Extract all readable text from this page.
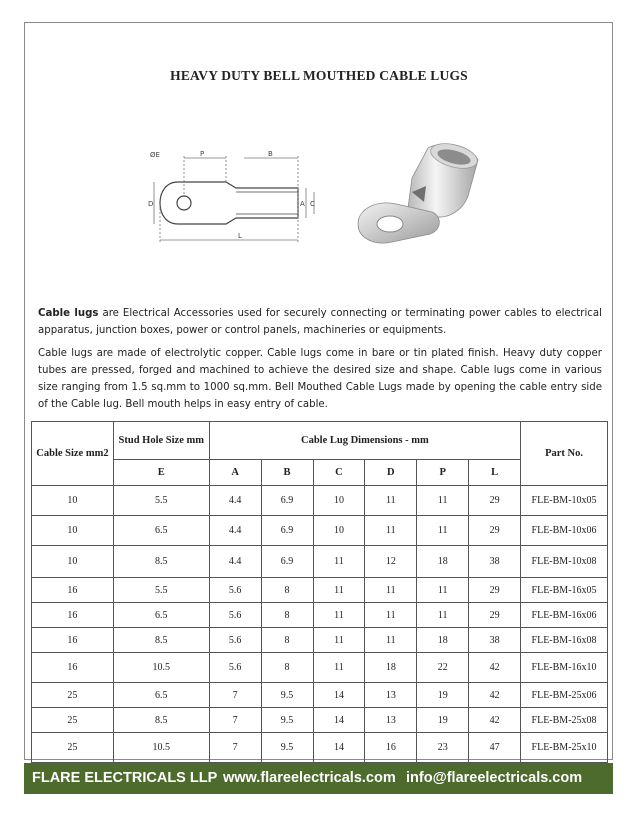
HEAVY DUTY BELL MOUTHED CABLE LUGS
ØE	P	B
D	A C
L
Cable lugs are Electrical Accessories used for securely connecting or terminating power cables to electrical apparatus, junction boxes, power or control panels, machineries or equipments.
Cable lugs are made of electrolytic copper. Cable lugs come in bare or tin plated finish. Heavy duty copper tubes are pressed, forged and machined to achieve the desired size and shape. Cable lugs come in various size ranging from 1.5 sq.mm to 1000 sq.mm. Bell Mouthed Cable Lugs made by opening the cable entry side of the Cable lug. Bell mouth helps in easy entry of cable.
Cable Size mm2	Stud Hole Size mm	Cable Lug Dimensions - mm						Part No.
	E	A	B	C	D	P	L	
10	5.5	4.4	6.9	10	11	11	29	FLE-BM-10x05
10	6.5	4.4	6.9	10	11	11	29	FLE-BM-10x06
10	8.5	4.4	6.9	11	12	18	38	FLE-BM-10x08
16	5.5	5.6	8	11	11	11	29	FLE-BM-16x05
16	6.5	5.6	8	11	11	11	29	FLE-BM-16x06
16	8.5	5.6	8	11	11	18	38	FLE-BM-16x08
16	10.5	5.6	8	11	18	22	42	FLE-BM-16x10
25	6.5	7	9.5	14	13	19	42	FLE-BM-25x06
25	8.5	7	9.5	14	13	19	42	FLE-BM-25x08
25	10.5	7	9.5	14	16	23	47	FLE-BM-25x10
FLARE ELECTRICALS LLP www.flareelectricals.com info@flareelectricals.com
